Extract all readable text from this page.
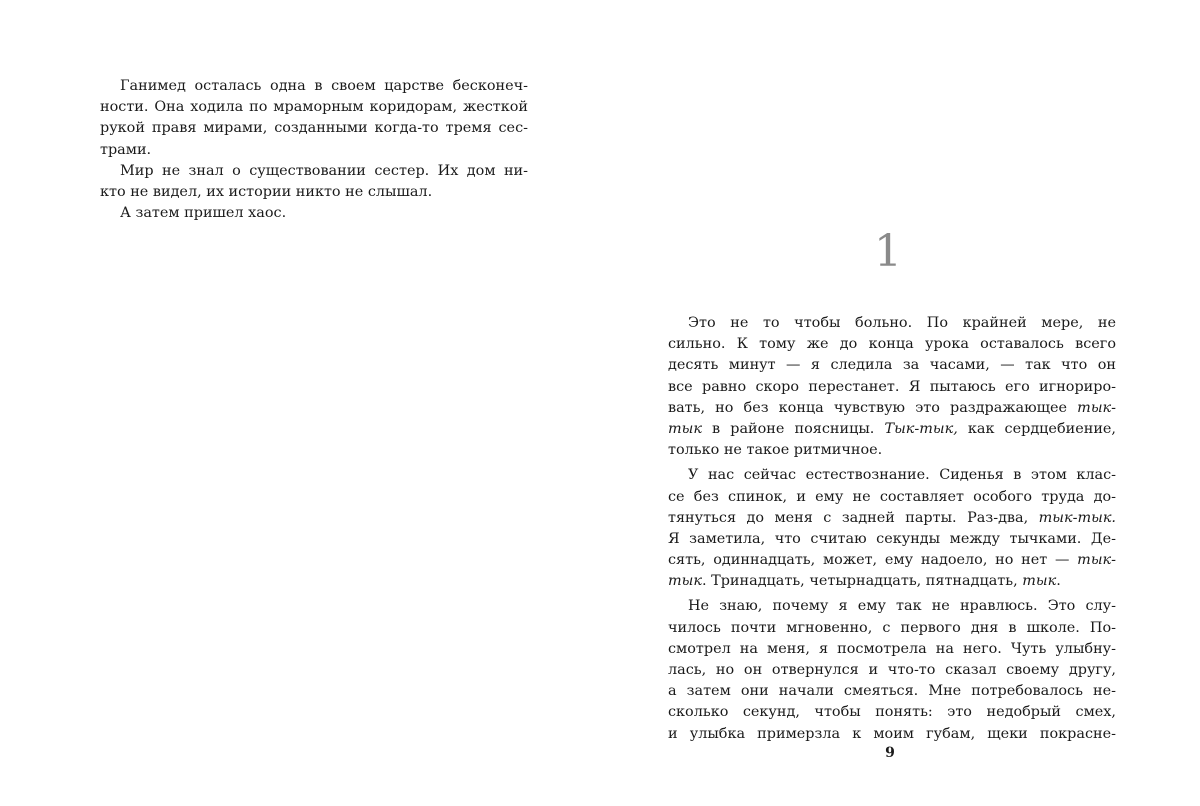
Ганимед осталась одна в своем царстве бесконеч-
ности. Она ходила по мраморным коридорам, жесткой
рукой правя мирами, созданными когда-то тремя сес-
трами.
Мир не знал о существовании сестер. Их дом ни-
кто не видел, их истории никто не слышал.
А затем пришел хаос.
1
Это не то чтобы больно. По крайней мере, не
сильно. К тому же до конца урока оставалось всего
десять минут — я следила за часами, — так что он
все равно скоро перестанет. Я пытаюсь его игнориро-
вать, но без конца чувствую это раздражающее тык-
тык в районе поясницы. Тык-тык, как сердцебиение,
только не такое ритмичное.
У нас сейчас естествознание. Сиденья в этом клас-
се без спинок, и ему не составляет особого труда до-
тянуться до меня с задней парты. Раз-два, тык-тык.
Я заметила, что считаю секунды между тычками. Де-
сять, одиннадцать, может, ему надоело, но нет — тык-
тык. Тринадцать, четырнадцать, пятнадцать, тык.
Не знаю, почему я ему так не нравлюсь. Это слу-
чилось почти мгновенно, с первого дня в школе. По-
смотрел на меня, я посмотрела на него. Чуть улыбну-
лась, но он отвернулся и что-то сказал своему другу,
а затем они начали смеяться. Мне потребовалось не-
сколько секунд, чтобы понять: это недобрый смех,
и улыбка примерзла к моим губам, щеки покрасне-
9
